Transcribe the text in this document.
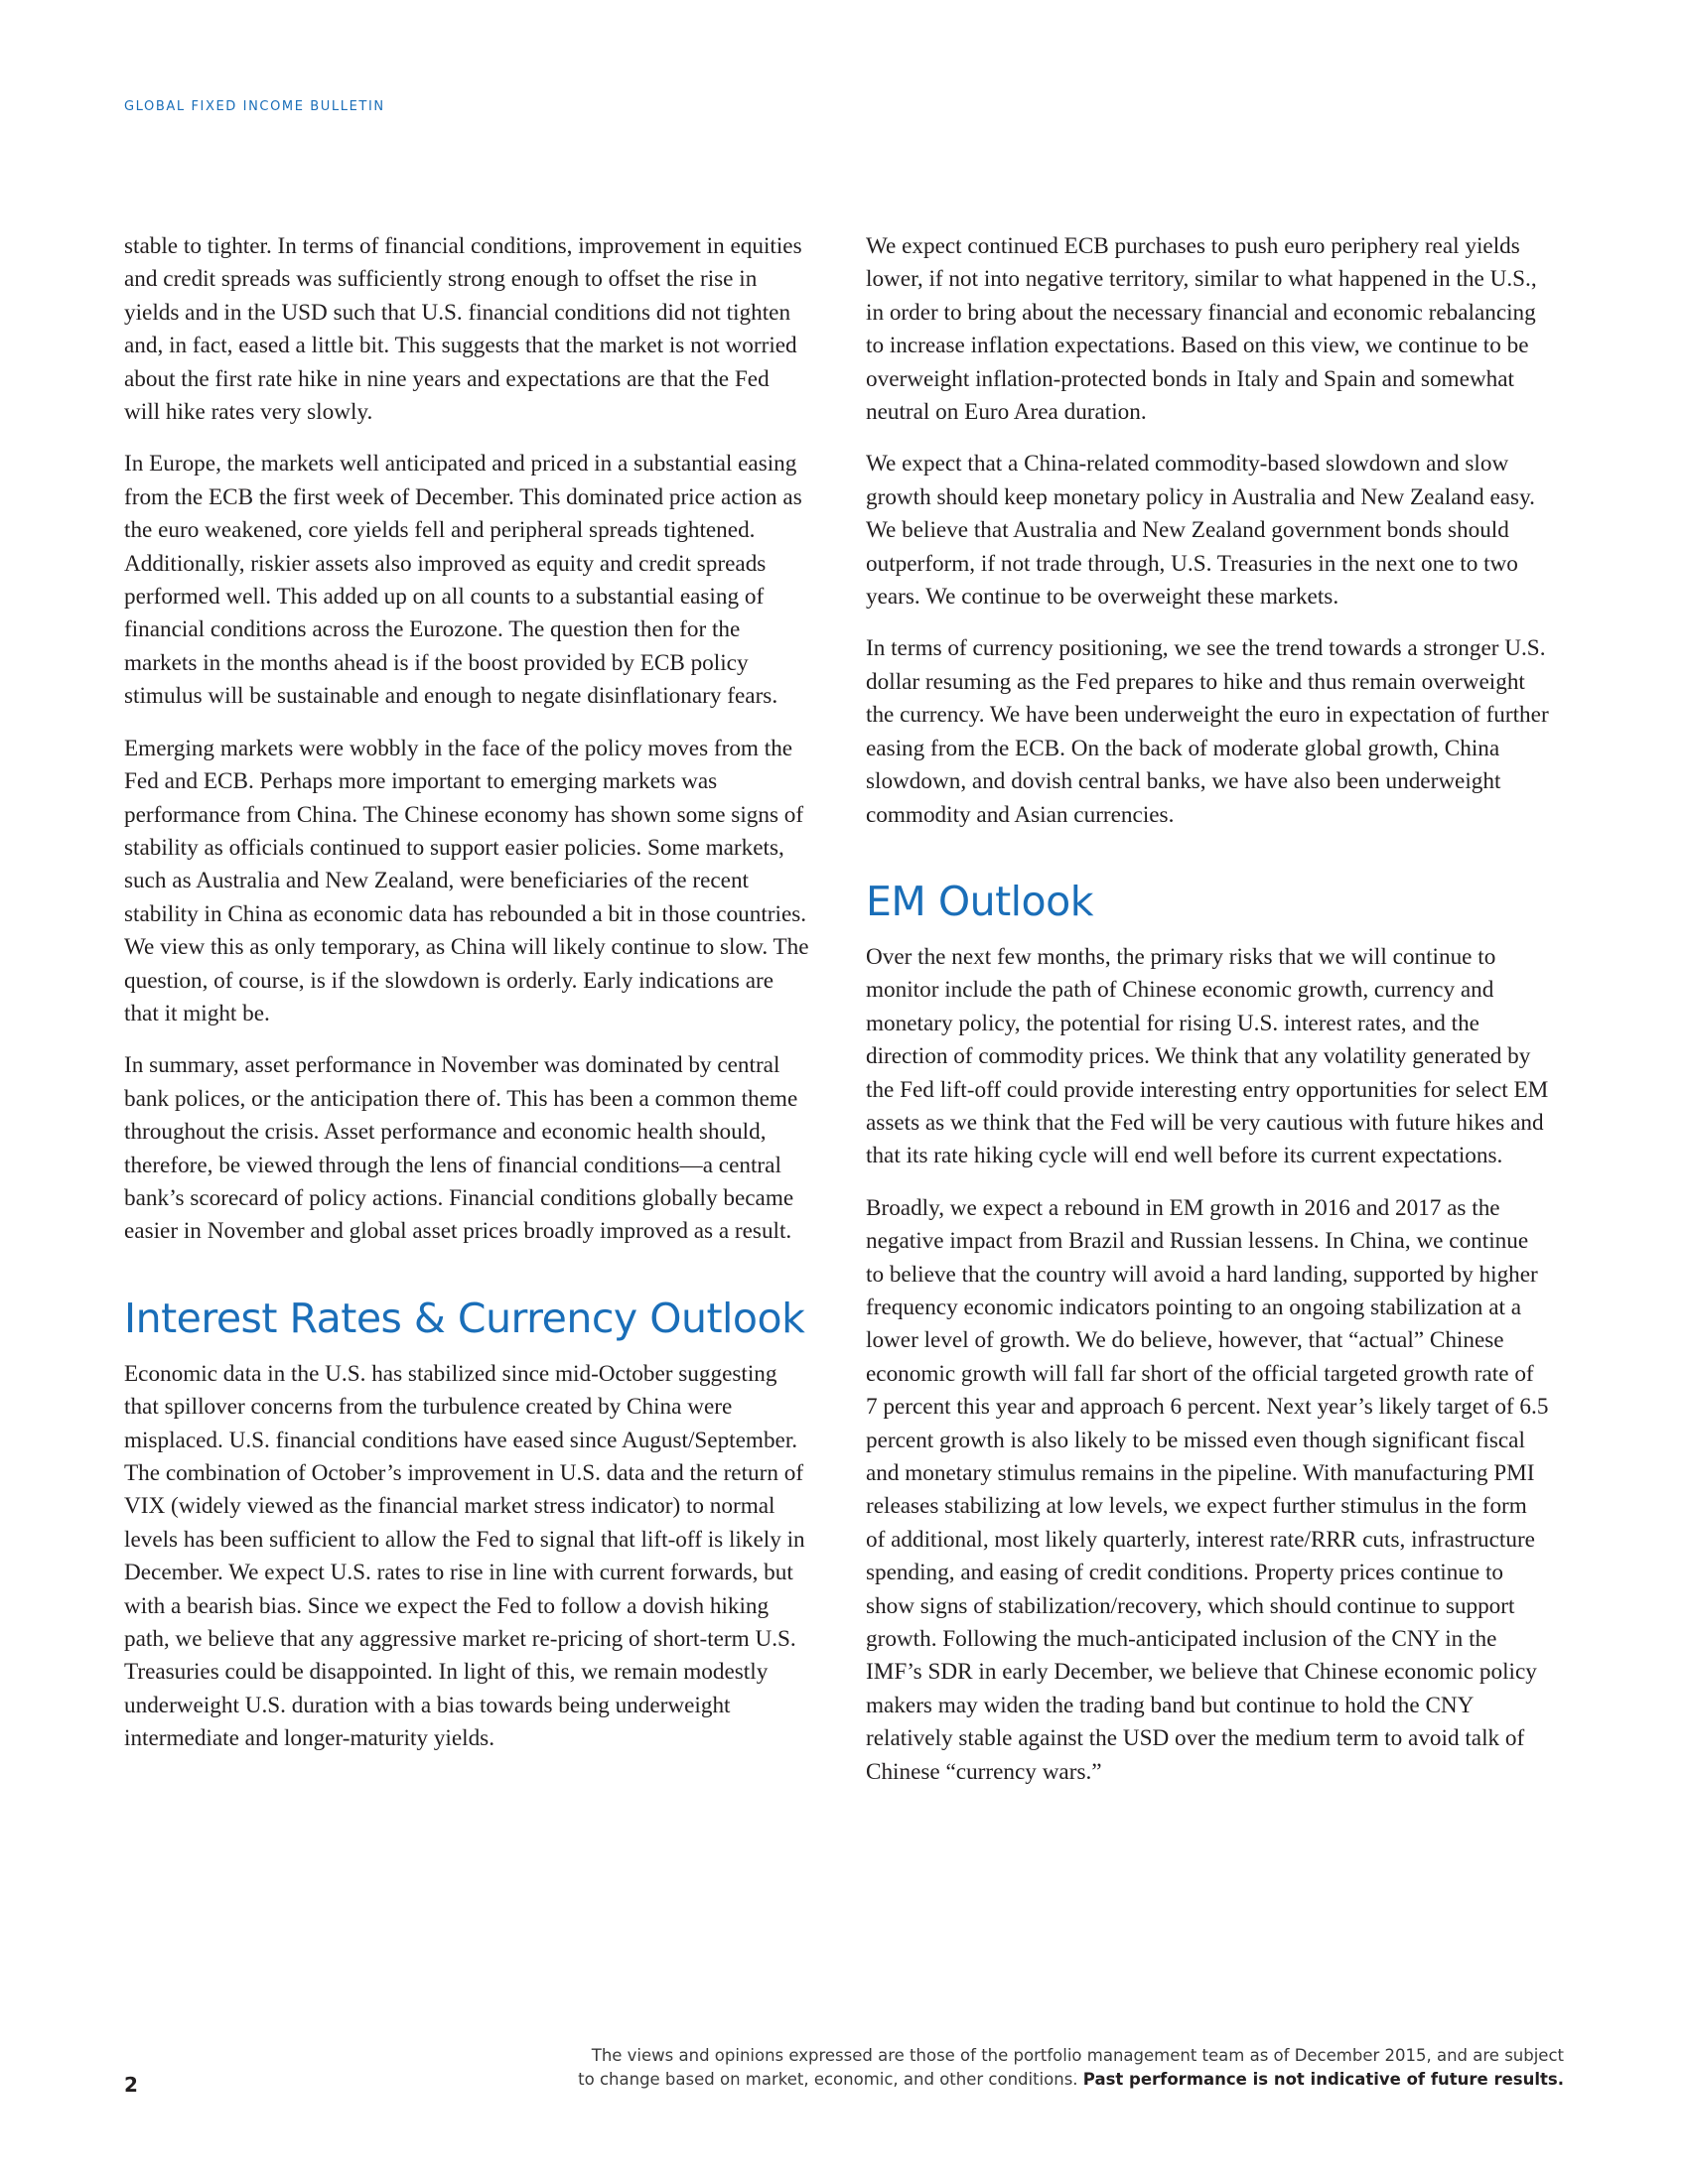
GLOBAL FIXED INCOME BULLETIN

stable to tighter. In terms of financial conditions, improvement in equities and credit spreads was sufficiently strong enough to offset the rise in yields and in the USD such that U.S. financial conditions did not tighten and, in fact, eased a little bit. This suggests that the market is not worried about the first rate hike in nine years and expectations are that the Fed will hike rates very slowly.

In Europe, the markets well anticipated and priced in a substantial easing from the ECB the first week of December. This dominated price action as the euro weakened, core yields fell and peripheral spreads tightened. Additionally, riskier assets also improved as equity and credit spreads performed well. This added up on all counts to a substantial easing of financial conditions across the Eurozone. The question then for the markets in the months ahead is if the boost provided by ECB policy stimulus will be sustainable and enough to negate disinflationary fears.

Emerging markets were wobbly in the face of the policy moves from the Fed and ECB. Perhaps more important to emerging markets was performance from China. The Chinese economy has shown some signs of stability as officials continued to support easier policies. Some markets, such as Australia and New Zealand, were beneficiaries of the recent stability in China as economic data has rebounded a bit in those countries. We view this as only temporary, as China will likely continue to slow. The question, of course, is if the slowdown is orderly. Early indications are that it might be.

In summary, asset performance in November was dominated by central bank polices, or the anticipation there of. This has been a common theme throughout the crisis. Asset performance and economic health should, therefore, be viewed through the lens of financial conditions—a central bank’s scorecard of policy actions. Financial conditions globally became easier in November and global asset prices broadly improved as a result.

Interest Rates & Currency Outlook

Economic data in the U.S. has stabilized since mid-October suggesting that spillover concerns from the turbulence created by China were misplaced. U.S. financial conditions have eased since August/September. The combination of October’s improvement in U.S. data and the return of VIX (widely viewed as the financial market stress indicator) to normal levels has been sufficient to allow the Fed to signal that lift-off is likely in December. We expect U.S. rates to rise in line with current forwards, but with a bearish bias. Since we expect the Fed to follow a dovish hiking path, we believe that any aggressive market re-pricing of short-term U.S. Treasuries could be disappointed. In light of this, we remain modestly underweight U.S. duration with a bias towards being underweight intermediate and longer-maturity yields.

We expect continued ECB purchases to push euro periphery real yields lower, if not into negative territory, similar to what happened in the U.S., in order to bring about the necessary financial and economic rebalancing to increase inflation expectations. Based on this view, we continue to be overweight inflation-protected bonds in Italy and Spain and somewhat neutral on Euro Area duration.

We expect that a China-related commodity-based slowdown and slow growth should keep monetary policy in Australia and New Zealand easy. We believe that Australia and New Zealand government bonds should outperform, if not trade through, U.S. Treasuries in the next one to two years. We continue to be overweight these markets.

In terms of currency positioning, we see the trend towards a stronger U.S. dollar resuming as the Fed prepares to hike and thus remain overweight the currency. We have been underweight the euro in expectation of further easing from the ECB. On the back of moderate global growth, China slowdown, and dovish central banks, we have also been underweight commodity and Asian currencies.

EM Outlook

Over the next few months, the primary risks that we will continue to monitor include the path of Chinese economic growth, currency and monetary policy, the potential for rising U.S. interest rates, and the direction of commodity prices. We think that any volatility generated by the Fed lift-off could provide interesting entry opportunities for select EM assets as we think that the Fed will be very cautious with future hikes and that its rate hiking cycle will end well before its current expectations.

Broadly, we expect a rebound in EM growth in 2016 and 2017 as the negative impact from Brazil and Russian lessens. In China, we continue to believe that the country will avoid a hard landing, supported by higher frequency economic indicators pointing to an ongoing stabilization at a lower level of growth. We do believe, however, that “actual” Chinese economic growth will fall far short of the official targeted growth rate of 7 percent this year and approach 6 percent. Next year’s likely target of 6.5 percent growth is also likely to be missed even though significant fiscal and monetary stimulus remains in the pipeline. With manufacturing PMI releases stabilizing at low levels, we expect further stimulus in the form of additional, most likely quarterly, interest rate/RRR cuts, infrastructure spending, and easing of credit conditions. Property prices continue to show signs of stabilization/recovery, which should continue to support growth. Following the much-anticipated inclusion of the CNY in the IMF’s SDR in early December, we believe that Chinese economic policy makers may widen the trading band but continue to hold the CNY relatively stable against the USD over the medium term to avoid talk of Chinese “currency wars.”

2
The views and opinions expressed are those of the portfolio management team as of December 2015, and are subject
to change based on market, economic, and other conditions. Past performance is not indicative of future results.
